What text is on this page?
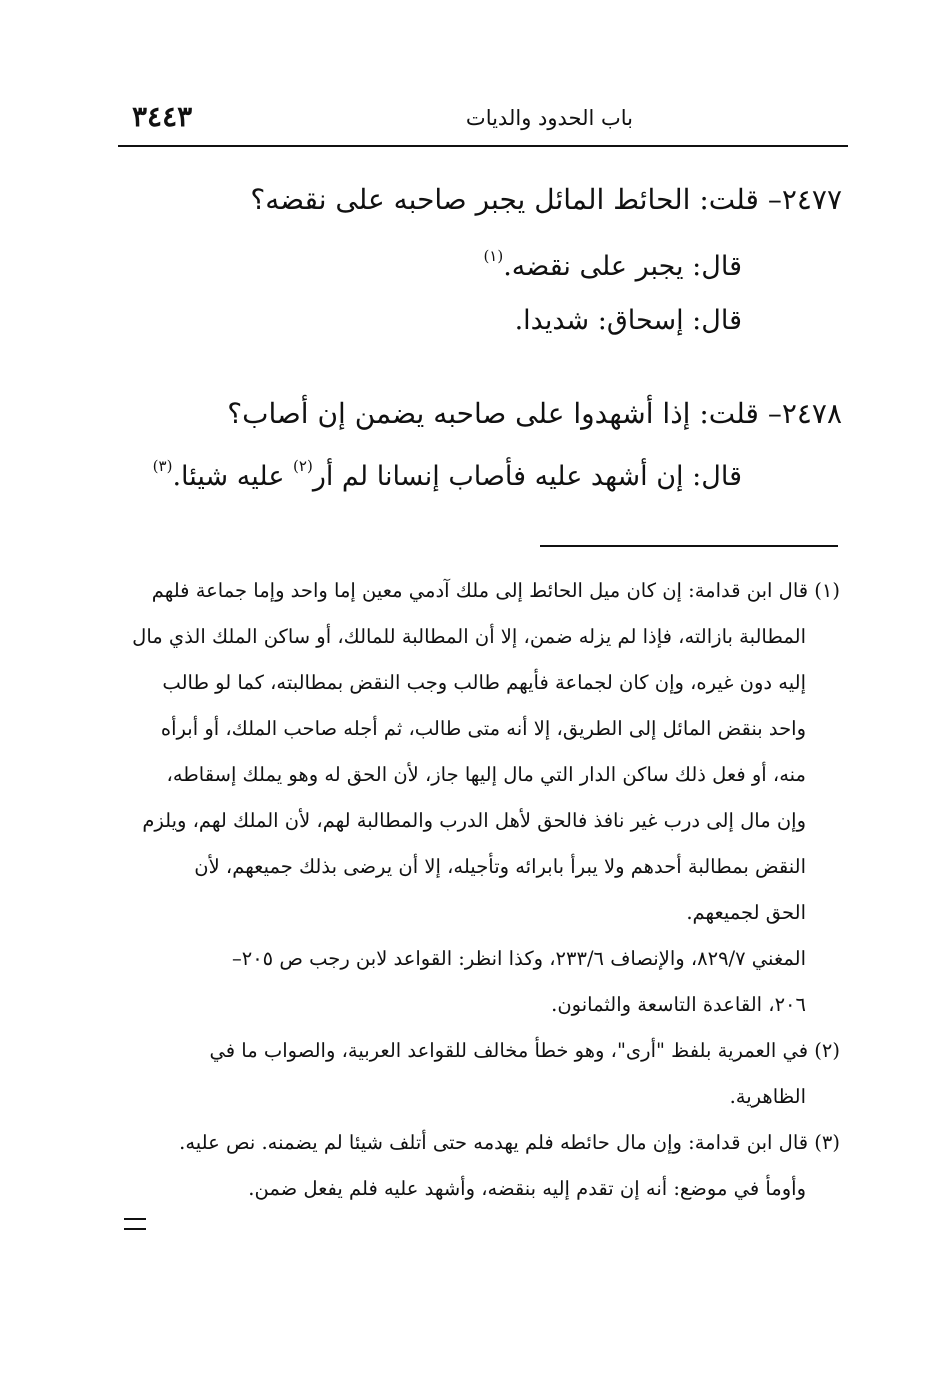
باب الحدود والديات
٣٤٤٣
٢٤٧٧– قلت: الحائط المائل يجبر صاحبه على نقضه؟
قال: يجبر على نقضه.$^{(١)}$
قال: إسحاق: شديدا.
٢٤٧٨– قلت: إذا أشهدوا على صاحبه يضمن إن أصاب؟
قال: إن أشهد عليه فأصاب إنسانا لم أر$^{(٢)}$ عليه شيئا.$^{(٣)}$
(١) قال ابن قدامة: إن كان ميل الحائط إلى ملك آدمي معين إما واحد وإما جماعة فلهم
المطالبة بازالته، فإذا لم يزله ضمن، إلا أن المطالبة للمالك، أو ساكن الملك الذي مال
إليه دون غيره، وإن كان لجماعة فأيهم طالب وجب النقض بمطالبته، كما لو طالب
واحد بنقض المائل إلى الطريق، إلا أنه متى طالب، ثم أجله صاحب الملك، أو أبرأه
منه، أو فعل ذلك ساكن الدار التي مال إليها جاز، لأن الحق له وهو يملك إسقاطه،
وإن مال إلى درب غير نافذ فالحق لأهل الدرب والمطالبة لهم، لأن الملك لهم، ويلزم
النقض بمطالبة أحدهم ولا يبرأ بابرائه وتأجيله، إلا أن يرضى بذلك جميعهم، لأن
الحق لجميعهم.
المغني ٨٢٩/٧، والإنصاف ٢٣٣/٦، وكذا انظر: القواعد لابن رجب ص ٢٠٥–
٢٠٦، القاعدة التاسعة والثمانون.
(٢) في العمرية بلفظ "أرى"، وهو خطأ مخالف للقواعد العربية، والصواب ما في
الظاهرية.
(٣) قال ابن قدامة: وإن مال حائطه فلم يهدمه حتى أتلف شيئا لم يضمنه. نص عليه.
وأومأ في موضع: أنه إن تقدم إليه بنقضه، وأشهد عليه فلم يفعل ضمن.
